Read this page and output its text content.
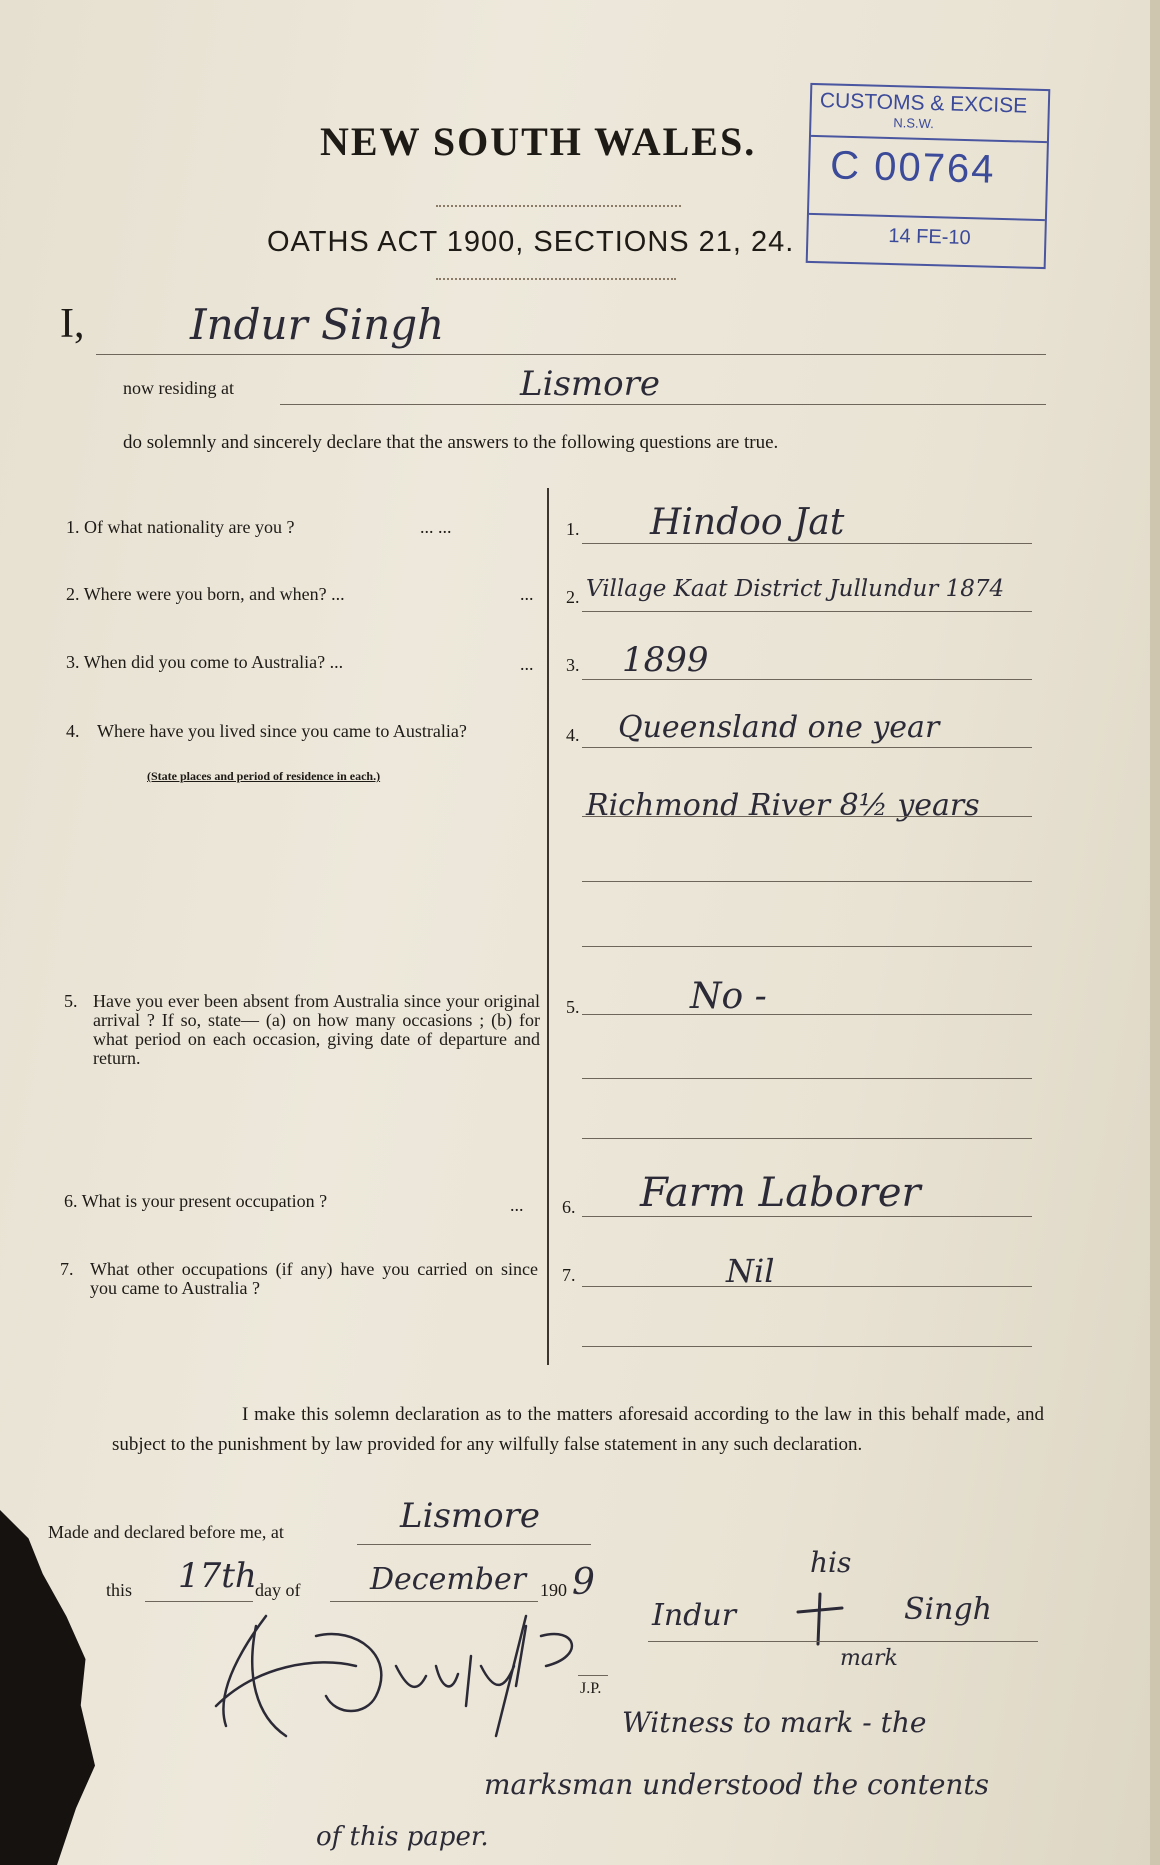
NEW SOUTH WALES.
OATHS ACT 1900, SECTIONS 21, 24.
CUSTOMS & EXCISE
N.S.W.
C 00764
14 FE-10
I,	Indur Singh
now residing at	Lismore
do solemnly and sincerely declare that the answers to the following questions are true.
1. Of what nationality are you ?	... ...	1. Hindoo Jat
2. Where were you born, and when? ...	... 2. Village Kaat District Jullundur 1874
3. When did you come to Australia? ...	... 3. 1899
4. Where have you lived since you came to Australia?
(State places and period of residence in each.)
4. Queensland one year
Richmond River 8½ years
5. Have you ever been absent from Australia since your original arrival ? If so, state— (a) on how many occasions ; (b) for what period on each occasion, giving date of departure and return.
5.	No -
6. What is your present occupation ?	... 6. Farm Laborer
7. What other occupations (if any) have you carried on since you came to Australia ?
7.	Nil
I make this solemn declaration as to the matters aforesaid according to the law in this behalf made, and subject to the punishment by law provided for any wilfully false statement in any such declaration.
Made and declared before me, at	Lismore
this 17th
day of December 190 9
J.P.
his
Indur	Singh
mark
Witness to mark - the
marksman understood the contents
of this paper.
